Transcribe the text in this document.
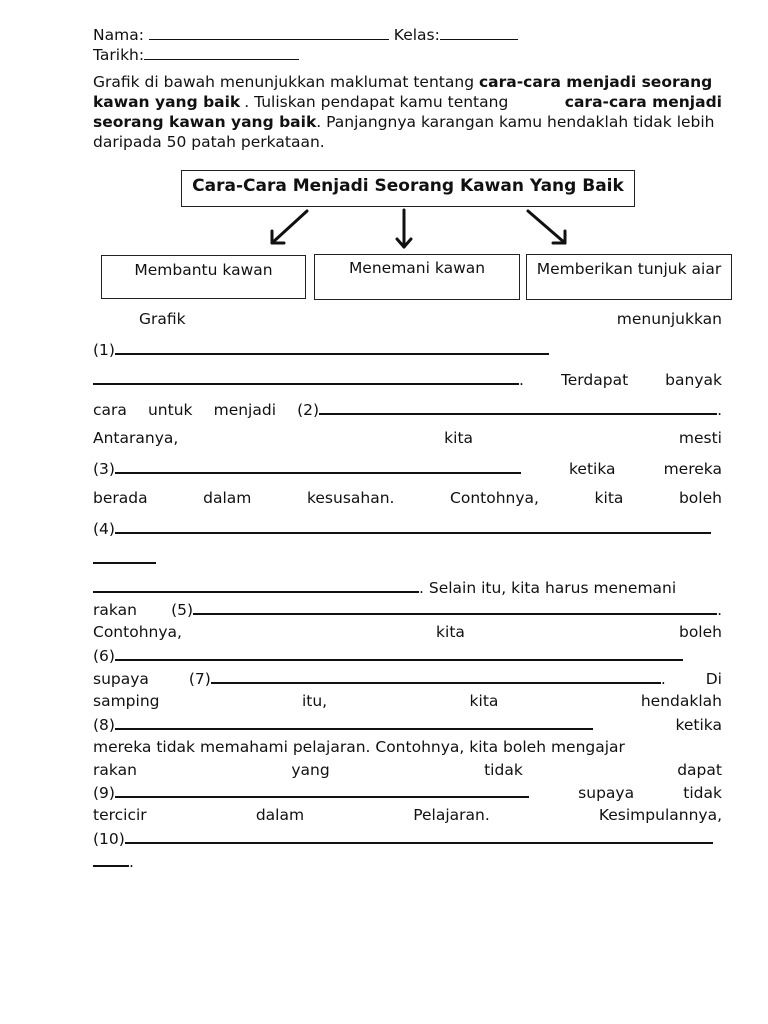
Nama:	Kelas:
Tarikh:
Grafik di bawah menunjukkan maklumat tentang cara-cara menjadi seorang
kawan yang baik . Tuliskan pendapat kamu tentang	cara-cara menjadi
seorang kawan yang baik. Panjangnya karangan kamu hendaklah tidak lebih
daripada 50 patah perkataan.
Cara-Cara Menjadi Seorang Kawan Yang Baik
Membantu kawan	Menemani kawan	Memberikan tunjuk aiar
Grafik	menunjukkan
(1)
. Terdapat banyak
cara untuk menjadi (2)	.
Antaranya,	kita	mesti
(3)	ketika	mereka
berada	dalam	kesusahan.	Contohnya,	kita	boleh
(4)
. Selain itu, kita harus menemani
rakan (5)	.
Contohnya,	kita	boleh
(6)
supaya	(7)	.	Di
samping	itu,	kita	hendaklah
(8)	ketika
mereka tidak memahami pelajaran. Contohnya, kita boleh mengajar
rakan	yang	tidak	dapat
(9)	supaya	tidak
tercicir	dalam	Pelajaran.	Kesimpulannya,
(10)
.
